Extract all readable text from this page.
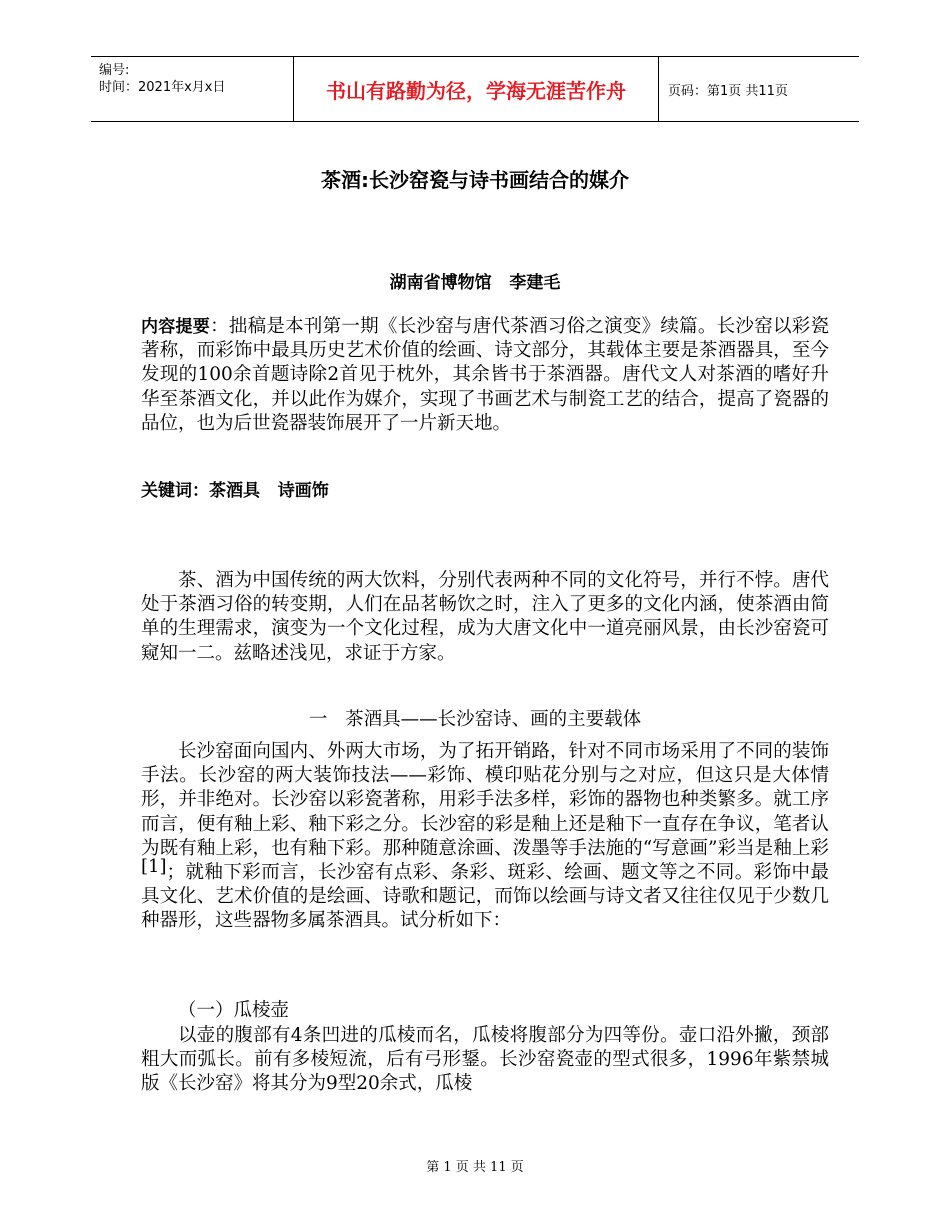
编号:
时间：2021年x月x日	书山有路勤为径，学海无涯苦作舟	页码：第1页 共11页
茶酒:长沙窑瓷与诗书画结合的媒介
湖南省博物馆   李建毛
内容提要：拙稿是本刊第一期《长沙窑与唐代茶酒习俗之演变》续篇。长沙窑以彩瓷著称，而彩饰中最具历史艺术价值的绘画、诗文部分，其载体主要是茶酒器具，至今发现的100余首题诗除2首见于枕外，其余皆书于茶酒器。唐代文人对茶酒的嗜好升华至茶酒文化，并以此作为媒介，实现了书画艺术与制瓷工艺的结合，提高了瓷器的品位，也为后世瓷器装饰展开了一片新天地。
关键词：茶酒具   诗画饰
茶、酒为中国传统的两大饮料，分别代表两种不同的文化符号，并行不悖。唐代处于茶酒习俗的转变期，人们在品茗畅饮之时，注入了更多的文化内涵，使茶酒由简单的生理需求，演变为一个文化过程，成为大唐文化中一道亮丽风景，由长沙窑瓷可窥知一二。兹略述浅见，求证于方家。
一   茶酒具——长沙窑诗、画的主要载体
长沙窑面向国内、外两大市场，为了拓开销路，针对不同市场采用了不同的装饰手法。长沙窑的两大装饰技法——彩饰、模印贴花分别与之对应，但这只是大体情形，并非绝对。长沙窑以彩瓷著称，用彩手法多样，彩饰的器物也种类繁多。就工序而言，便有釉上彩、釉下彩之分。长沙窑的彩是釉上还是釉下一直存在争议，笔者认为既有釉上彩，也有釉下彩。那种随意涂画、泼墨等手法施的“写意画”彩当是釉上彩[1]；就釉下彩而言，长沙窑有点彩、条彩、斑彩、绘画、题文等之不同。彩饰中最具文化、艺术价值的是绘画、诗歌和题记，而饰以绘画与诗文者又往往仅见于少数几种器形，这些器物多属茶酒具。试分析如下：
（一）瓜棱壶
以壶的腹部有4条凹进的瓜棱而名，瓜棱将腹部分为四等份。壶口沿外撇，颈部粗大而弧长。前有多棱短流，后有弓形鋬。长沙窑瓷壶的型式很多，1996年紫禁城版《长沙窑》将其分为9型20余式，瓜棱
第 1 页 共 11 页
